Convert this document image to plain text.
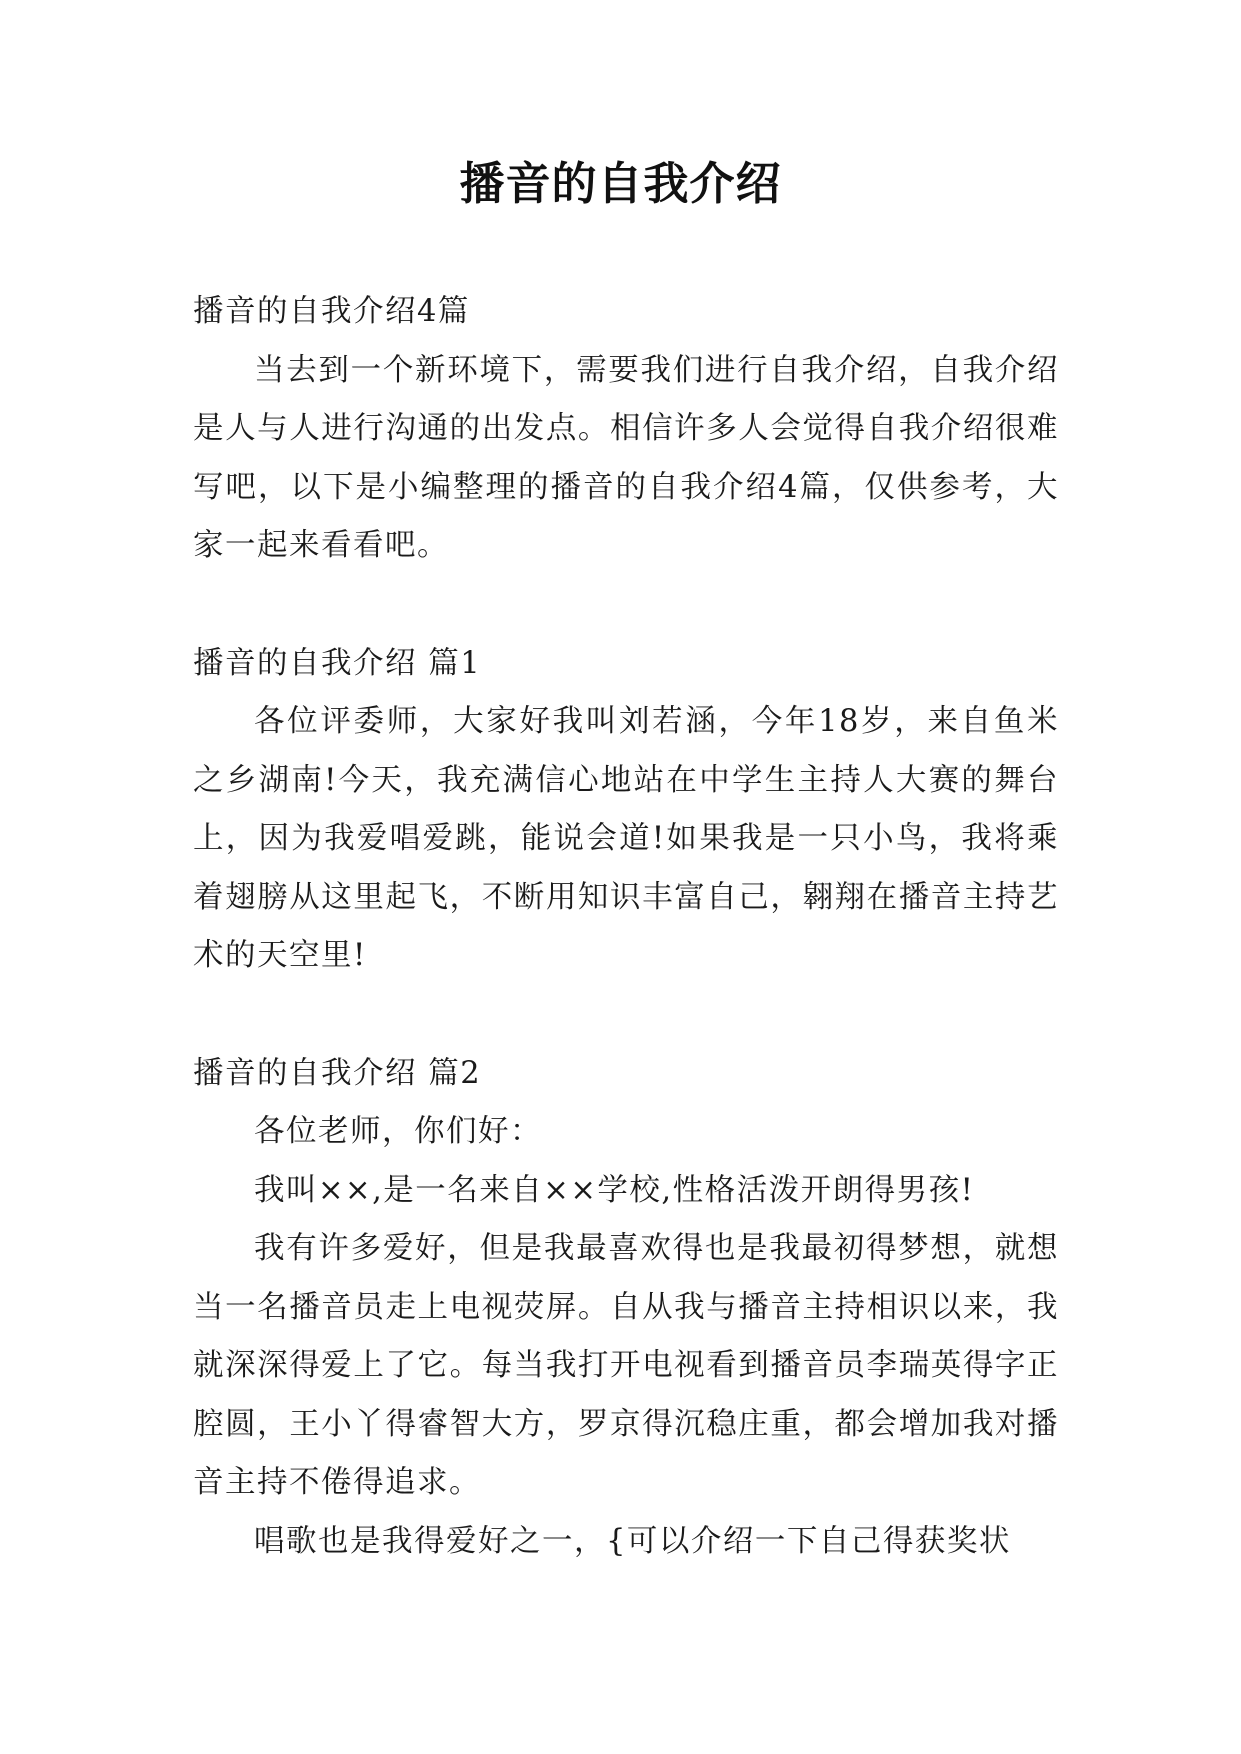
播音的自我介绍

播音的自我介绍4篇

当去到一个新环境下，需要我们进行自我介绍，自我介绍是人与人进行沟通的出发点。相信许多人会觉得自我介绍很难写吧，以下是小编整理的播音的自我介绍4篇，仅供参考，大家一起来看看吧。

播音的自我介绍 篇1

各位评委师，大家好我叫刘若涵，今年18岁，来自鱼米之乡湖南!今天，我充满信心地站在中学生主持人大赛的舞台上，因为我爱唱爱跳，能说会道!如果我是一只小鸟，我将乘着翅膀从这里起飞，不断用知识丰富自己，翱翔在播音主持艺术的天空里!

播音的自我介绍 篇2

各位老师，你们好：

我叫××,是一名来自××学校,性格活泼开朗得男孩!

我有许多爱好，但是我最喜欢得也是我最初得梦想，就想当一名播音员走上电视荧屏。自从我与播音主持相识以来，我就深深得爱上了它。每当我打开电视看到播音员李瑞英得字正腔圆，王小丫得睿智大方，罗京得沉稳庄重，都会增加我对播音主持不倦得追求。

唱歌也是我得爱好之一，{可以介绍一下自己得获奖状
